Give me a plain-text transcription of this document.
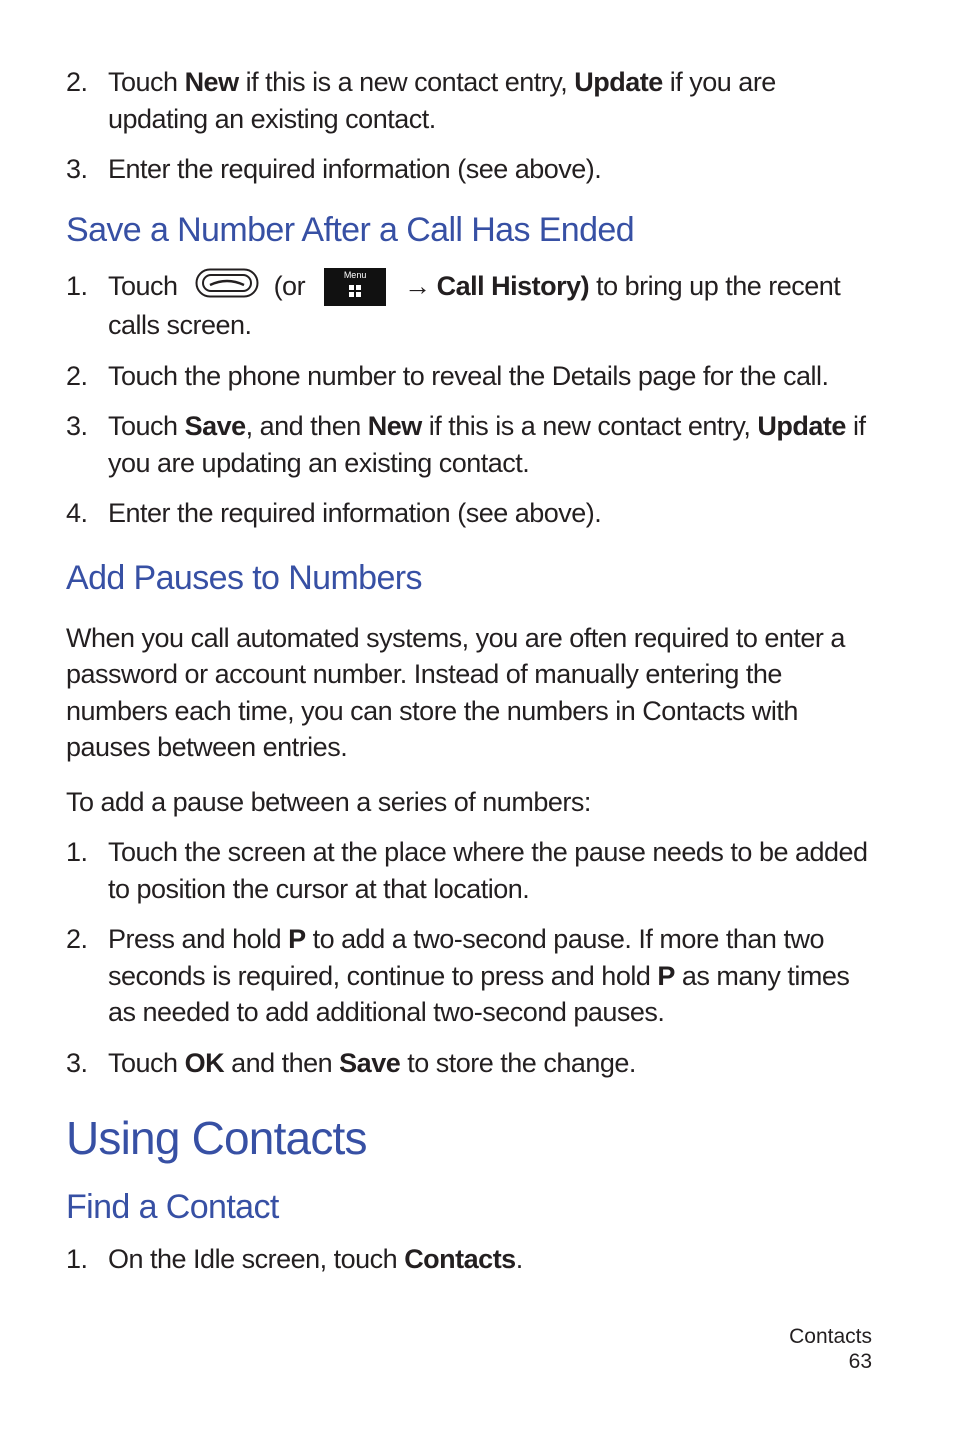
2. Touch New if this is a new contact entry, Update if you are updating an existing contact.
3. Enter the required information (see above).
Save a Number After a Call Has Ended
1. Touch	(or	Menu	→ Call History) to bring up the recent calls screen.
2. Touch the phone number to reveal the Details page for the call.
3. Touch Save, and then New if this is a new contact entry, Update if you are updating an existing contact.
4. Enter the required information (see above).
Add Pauses to Numbers

When you call automated systems, you are often required to enter a password or account number. Instead of manually entering the numbers each time, you can store the numbers in Contacts with pauses between entries.

To add a pause between a series of numbers:

1. Touch the screen at the place where the pause needs to be added to position the cursor at that location.
2. Press and hold P to add a two-second pause. If more than two seconds is required, continue to press and hold P as many times as needed to add additional two-second pauses.
3. Touch OK and then Save to store the change.
Using Contacts
Find a Contact
1. On the Idle screen, touch Contacts.
Contacts
63
